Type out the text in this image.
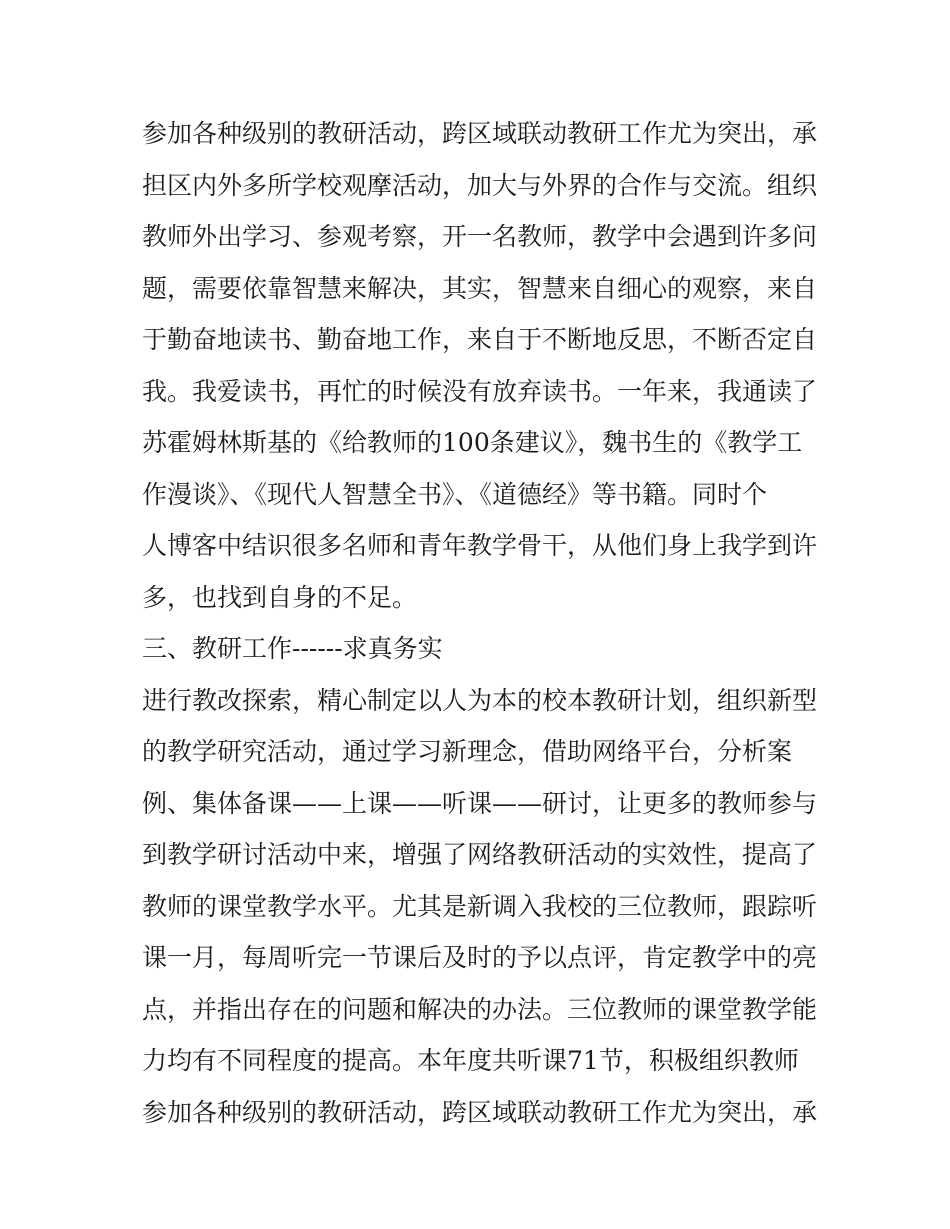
参加各种级别的教研活动，跨区域联动教研工作尤为突出，承
担区内外多所学校观摩活动，加大与外界的合作与交流。组织
教师外出学习、参观考察，开一名教师，教学中会遇到许多问
题，需要依靠智慧来解决，其实，智慧来自细心的观察，来自
于勤奋地读书、勤奋地工作，来自于不断地反思，不断否定自
我。我爱读书，再忙的时候没有放弃读书。一年来，我通读了
苏霍姆林斯基的《给教师的100条建议》，魏书生的《教学工
作漫谈》、《现代人智慧全书》、《道德经》等书籍。同时个
人博客中结识很多名师和青年教学骨干，从他们身上我学到许
多，也找到自身的不足。
三、教研工作------求真务实
进行教改探索，精心制定以人为本的校本教研计划，组织新型
的教学研究活动，通过学习新理念，借助网络平台，分析案
例、集体备课——上课——听课——研讨，让更多的教师参与
到教学研讨活动中来，增强了网络教研活动的实效性，提高了
教师的课堂教学水平。尤其是新调入我校的三位教师，跟踪听
课一月，每周听完一节课后及时的予以点评，肯定教学中的亮
点，并指出存在的问题和解决的办法。三位教师的课堂教学能
力均有不同程度的提高。本年度共听课71节，积极组织教师
参加各种级别的教研活动，跨区域联动教研工作尤为突出，承
